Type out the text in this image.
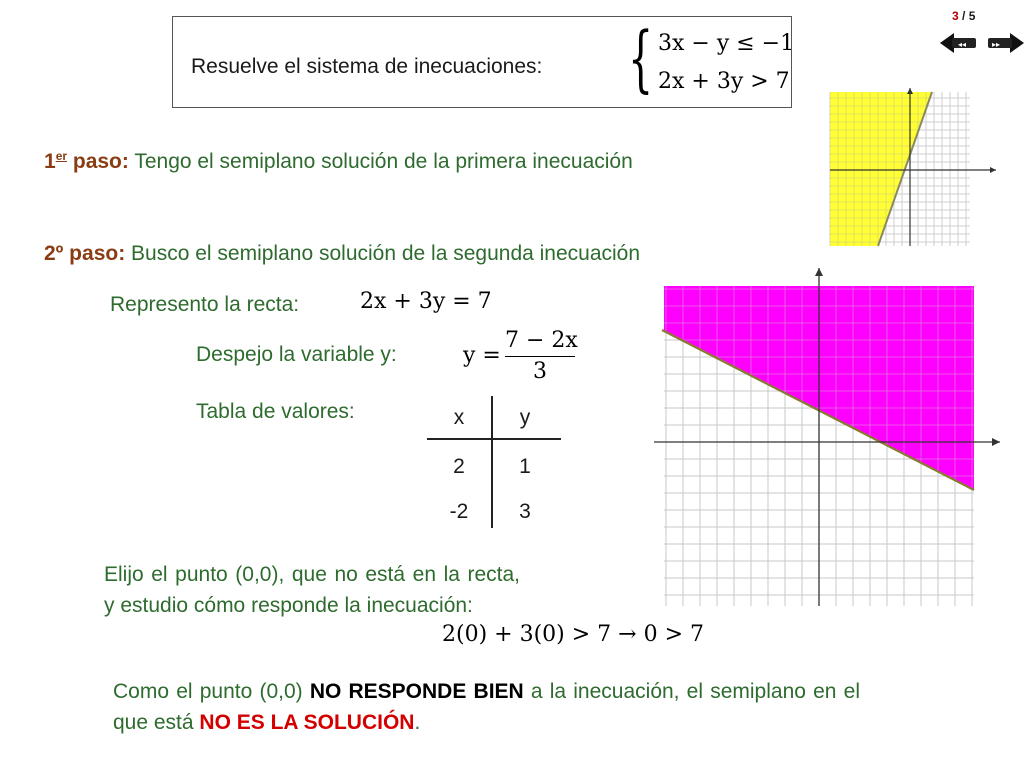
3 / 5
◂◂	▸▸
Resuelve el sistema de inecuaciones: { 3x − y ≤ −1
2x + 3y > 7
1er paso: Tengo el semiplano solución de la primera inecuación
2º paso: Busco el semiplano solución de la segunda inecuación
Represento la recta:	2x + 3y = 7
Despejo la variable y:	y =
7 − 2x
3
Tabla de valores:	x	y
2	1
-2	3
Elijo el punto (0,0), que no está en la recta, y estudio cómo responde la inecuación:
2(0) + 3(0) > 7 → 0 > 7
Como el punto (0,0) NO RESPONDE BIEN a la inecuación, el semiplano en el que está NO ES LA SOLUCIÓN.
